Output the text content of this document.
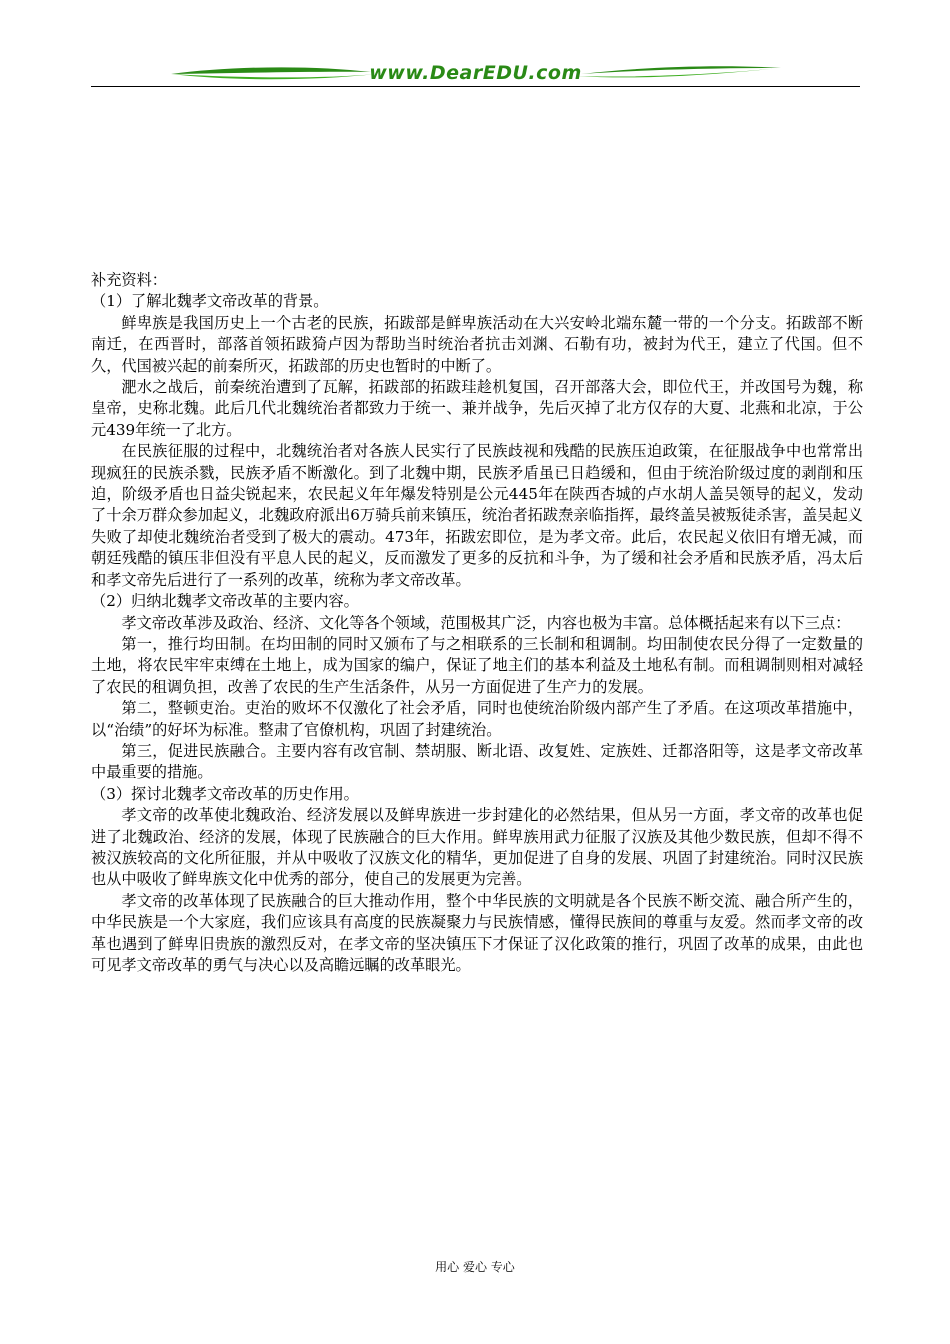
www.DearEDU.com

补充资料：

（1）了解北魏孝文帝改革的背景。

鲜卑族是我国历史上一个古老的民族，拓跋部是鲜卑族活动在大兴安岭北端东麓一带的一个分支。拓跋部不断南迁，在西晋时，部落首领拓跋猗卢因为帮助当时统治者抗击刘渊、石勒有功，被封为代王，建立了代国。但不久，代国被兴起的前秦所灭，拓跋部的历史也暂时的中断了。

淝水之战后，前秦统治遭到了瓦解，拓跋部的拓跋珪趁机复国，召开部落大会，即位代王，并改国号为魏，称皇帝，史称北魏。此后几代北魏统治者都致力于统一、兼并战争，先后灭掉了北方仅存的大夏、北燕和北凉，于公元439年统一了北方。

在民族征服的过程中，北魏统治者对各族人民实行了民族歧视和残酷的民族压迫政策，在征服战争中也常常出现疯狂的民族杀戮，民族矛盾不断激化。到了北魏中期，民族矛盾虽已日趋缓和，但由于统治阶级过度的剥削和压迫，阶级矛盾也日益尖锐起来，农民起义年年爆发特别是公元445年在陕西杏城的卢水胡人盖吴领导的起义，发动了十余万群众参加起义，北魏政府派出6万骑兵前来镇压，统治者拓跋焘亲临指挥，最终盖吴被叛徒杀害，盖吴起义失败了却使北魏统治者受到了极大的震动。473年，拓跋宏即位，是为孝文帝。此后，农民起义依旧有增无减，而朝廷残酷的镇压非但没有平息人民的起义，反而激发了更多的反抗和斗争，为了缓和社会矛盾和民族矛盾，冯太后和孝文帝先后进行了一系列的改革，统称为孝文帝改革。

（2）归纳北魏孝文帝改革的主要内容。

孝文帝改革涉及政治、经济、文化等各个领域，范围极其广泛，内容也极为丰富。总体概括起来有以下三点：

第一，推行均田制。在均田制的同时又颁布了与之相联系的三长制和租调制。均田制使农民分得了一定数量的土地，将农民牢牢束缚在土地上，成为国家的编户，保证了地主们的基本利益及土地私有制。而租调制则相对减轻了农民的租调负担，改善了农民的生产生活条件，从另一方面促进了生产力的发展。

第二，整顿吏治。吏治的败坏不仅激化了社会矛盾，同时也使统治阶级内部产生了矛盾。在这项改革措施中，以“治绩”的好坏为标准。整肃了官僚机构，巩固了封建统治。

第三，促进民族融合。主要内容有改官制、禁胡服、断北语、改复姓、定族姓、迁都洛阳等，这是孝文帝改革中最重要的措施。

（3）探讨北魏孝文帝改革的历史作用。

孝文帝的改革使北魏政治、经济发展以及鲜卑族进一步封建化的必然结果，但从另一方面，孝文帝的改革也促进了北魏政治、经济的发展，体现了民族融合的巨大作用。鲜卑族用武力征服了汉族及其他少数民族，但却不得不被汉族较高的文化所征服，并从中吸收了汉族文化的精华，更加促进了自身的发展、巩固了封建统治。同时汉民族也从中吸收了鲜卑族文化中优秀的部分，使自己的发展更为完善。

孝文帝的改革体现了民族融合的巨大推动作用，整个中华民族的文明就是各个民族不断交流、融合所产生的，中华民族是一个大家庭，我们应该具有高度的民族凝聚力与民族情感，懂得民族间的尊重与友爱。然而孝文帝的改革也遇到了鲜卑旧贵族的激烈反对，在孝文帝的坚决镇压下才保证了汉化政策的推行，巩固了改革的成果，由此也可见孝文帝改革的勇气与决心以及高瞻远瞩的改革眼光。

用心 爱心 专心
